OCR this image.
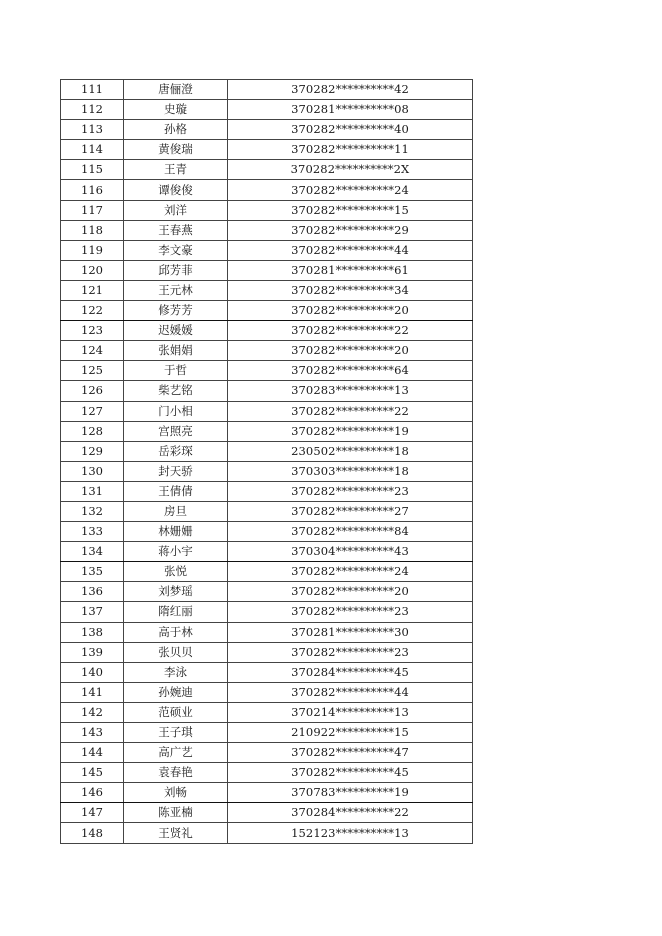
111	唐俪澄	370282**********42
112	史璇	370281**********08
113	孙格	370282**********40
114	黄俊瑞	370282**********11
115	王青	370282**********2X
116	谭俊俊	370282**********24
117	刘洋	370282**********15
118	王春燕	370282**********29
119	李文豪	370282**********44
120	邱芳菲	370281**********61
121	王元林	370282**********34
122	修芳芳	370282**********20
123	迟媛媛	370282**********22
124	张娟娟	370282**********20
125	于哲	370282**********64
126	柴艺铭	370283**********13
127	门小相	370282**********22
128	宫照亮	370282**********19
129	岳彩琛	230502**********18
130	封天骄	370303**********18
131	王倩倩	370282**********23
132	房旦	370282**********27
133	林姗姗	370282**********84
134	蒋小宇	370304**********43
135	张悦	370282**********24
136	刘梦瑶	370282**********20
137	隋红丽	370282**********23
138	高于林	370281**********30
139	张贝贝	370282**********23
140	李泳	370284**********45
141	孙婉迪	370282**********44
142	范硕业	370214**********13
143	王子琪	210922**********15
144	高广艺	370282**********47
145	袁春艳	370282**********45
146	刘畅	370783**********19
147	陈亚楠	370284**********22
148	王贤礼	152123**********13
